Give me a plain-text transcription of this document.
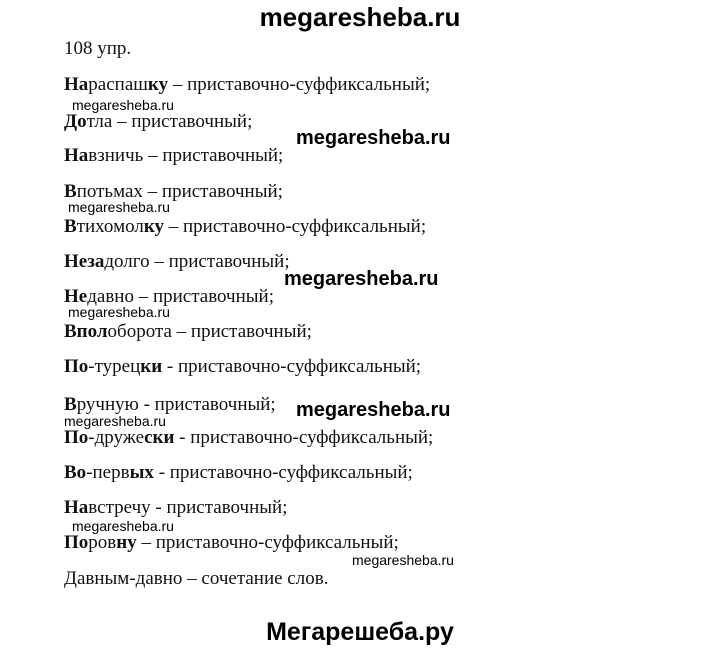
megaresheba.ru
108 упр.
Нараспашку – приставочно-суффиксальный;
Дотла – приставочный;
Навзничь – приставочный;
Впотьмах – приставочный;
Втихомолку – приставочно-суффиксальный;
Незадолго – приставочный;
Недавно – приставочный;
Вполоборота – приставочный;
По-турецки - приставочно-суффиксальный;
Вручную - приставочный;
По-дружески - приставочно-суффиксальный;
Во-первых - приставочно-суффиксальный;
Навстречу - приставочный;
Поровну – приставочно-суффиксальный;
Давным-давно – сочетание слов.
megaresheba.ru
megaresheba.ru
megaresheba.ru
megaresheba.ru
megaresheba.ru
megaresheba.ru
megaresheba.ru
megaresheba.ru
megaresheba.ru
Мегарешеба.ру
